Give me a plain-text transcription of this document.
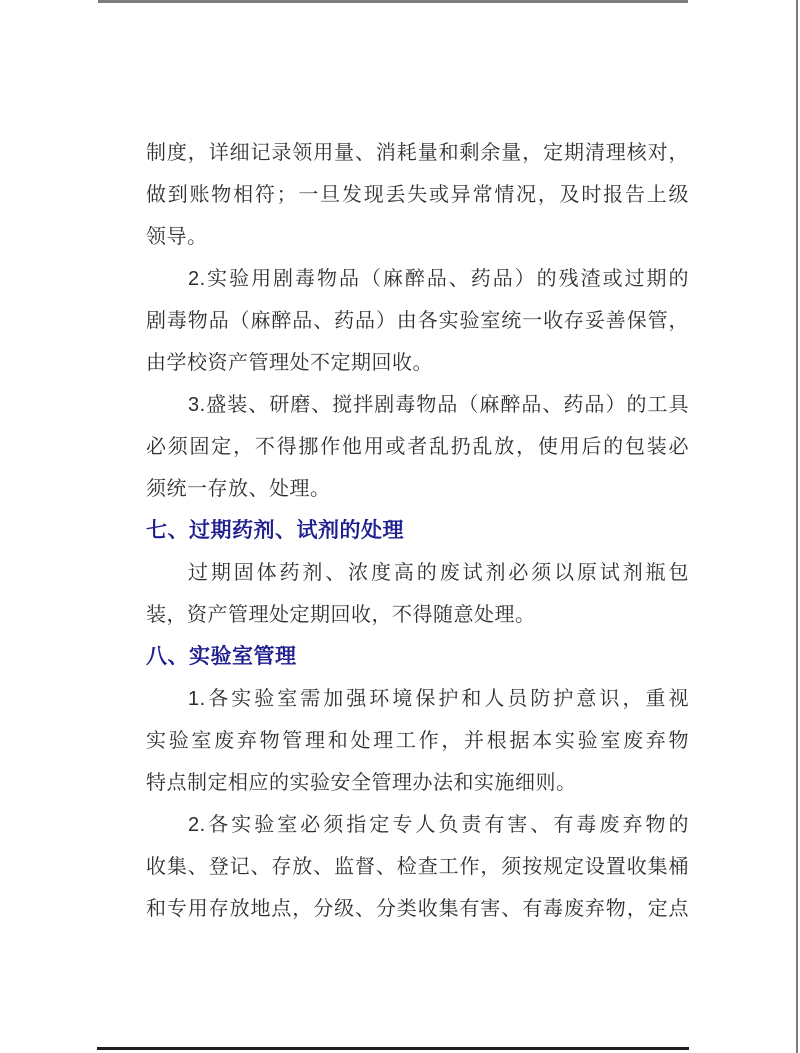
制度，详细记录领用量、消耗量和剩余量，定期清理核对，
做到账物相符；一旦发现丢失或异常情况，及时报告上级
领导。
2.实验用剧毒物品（麻醉品、药品）的残渣或过期的
剧毒物品（麻醉品、药品）由各实验室统一收存妥善保管，
由学校资产管理处不定期回收。
3.盛装、研磨、搅拌剧毒物品（麻醉品、药品）的工具
必须固定，不得挪作他用或者乱扔乱放，使用后的包装必
须统一存放、处理。
七、过期药剂、试剂的处理
过期固体药剂、浓度高的废试剂必须以原试剂瓶包
装，资产管理处定期回收，不得随意处理。
八、实验室管理
1.各实验室需加强环境保护和人员防护意识，重视
实验室废弃物管理和处理工作，并根据本实验室废弃物
特点制定相应的实验安全管理办法和实施细则。
2.各实验室必须指定专人负责有害、有毒废弃物的
收集、登记、存放、监督、检查工作，须按规定设置收集桶
和专用存放地点，分级、分类收集有害、有毒废弃物，定点
